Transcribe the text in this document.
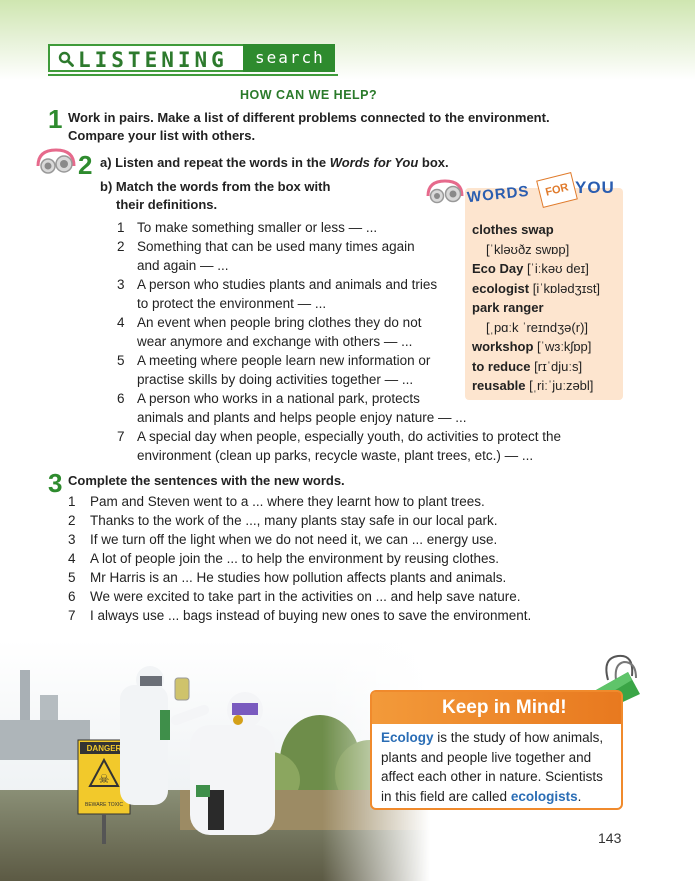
LISTENING	search
HOW CAN WE HELP?
1 Work in pairs. Make a list of different problems connected to the environment.
Compare your list with others.
2 a) Listen and repeat the words in the Words for You box.
b) Match the words from the box with
their definitions.
1 To make something smaller or less — ...
2 Something that can be used many times again
and again — ...
3 A person who studies plants and animals and tries
to protect the environment — ...
4 An event when people bring clothes they do not
wear anymore and exchange with others — ...
5 A meeting where people learn new information or
practise skills by doing activities together — ...
6 A person who works in a national park, protects
animals and plants and helps people enjoy nature — ...
7 A special day when people, especially youth, do activities to protect the
environment (clean up parks, recycle waste, plant trees, etc.) — ...
WORDS	FOR YOU
clothes swap
[ˈkləʊðz swɒp]
Eco Day [ˈiːkəʊ deɪ]
ecologist [iˈkɒlədʒɪst]
park ranger
[ˌpɑːk ˈreɪndʒə(r)]
workshop [ˈwɜːkʃɒp]
to reduce [rɪˈdjuːs]
reusable [ˌriːˈjuːzəbl]
3 Complete the sentences with the new words.
1	Pam and Steven went to a ... where they learnt how to plant trees.
2	Thanks to the work of the ..., many plants stay safe in our local park.
3	If we turn off the light when we do not need it, we can ... energy use.
4	A lot of people join the ... to help the environment by reusing clothes.
5	Mr Harris is an ... He studies how pollution affects plants and animals.
6	We were excited to take part in the activities on ... and help save nature.
7	I always use ... bags instead of buying new ones to save the environment.
Keep in Mind!
Ecology is the study of how animals,
plants and people live together and
affect each other in nature. Scientists
in this field are called ecologists.
143
